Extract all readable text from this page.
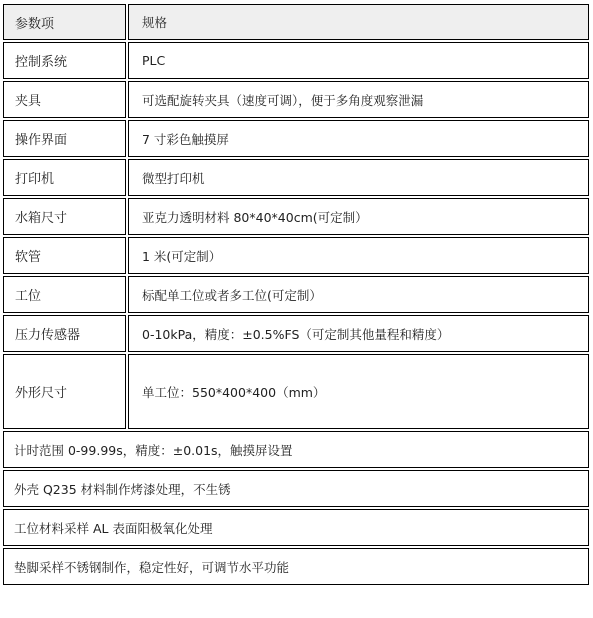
参数项	规格
控制系统	PLC
夹具	可选配旋转夹具（速度可调），便于多角度观察泄漏
操作界面	7 寸彩色触摸屏
打印机	微型打印机
水箱尺寸	亚克力透明材料 80*40*40cm(可定制）
软管	1 米(可定制）
工位	标配单工位或者多工位(可定制）
压力传感器	0-10kPa，精度：±0.5%FS（可定制其他量程和精度）
外形尺寸	单工位：550*400*400（mm）
计时范围 0-99.99s，精度：±0.01s，触摸屏设置	
外壳 Q235 材料制作烤漆处理，不生锈	
工位材料采样 AL 表面阳极氧化处理	
垫脚采样不锈钢制作，稳定性好，可调节水平功能	
